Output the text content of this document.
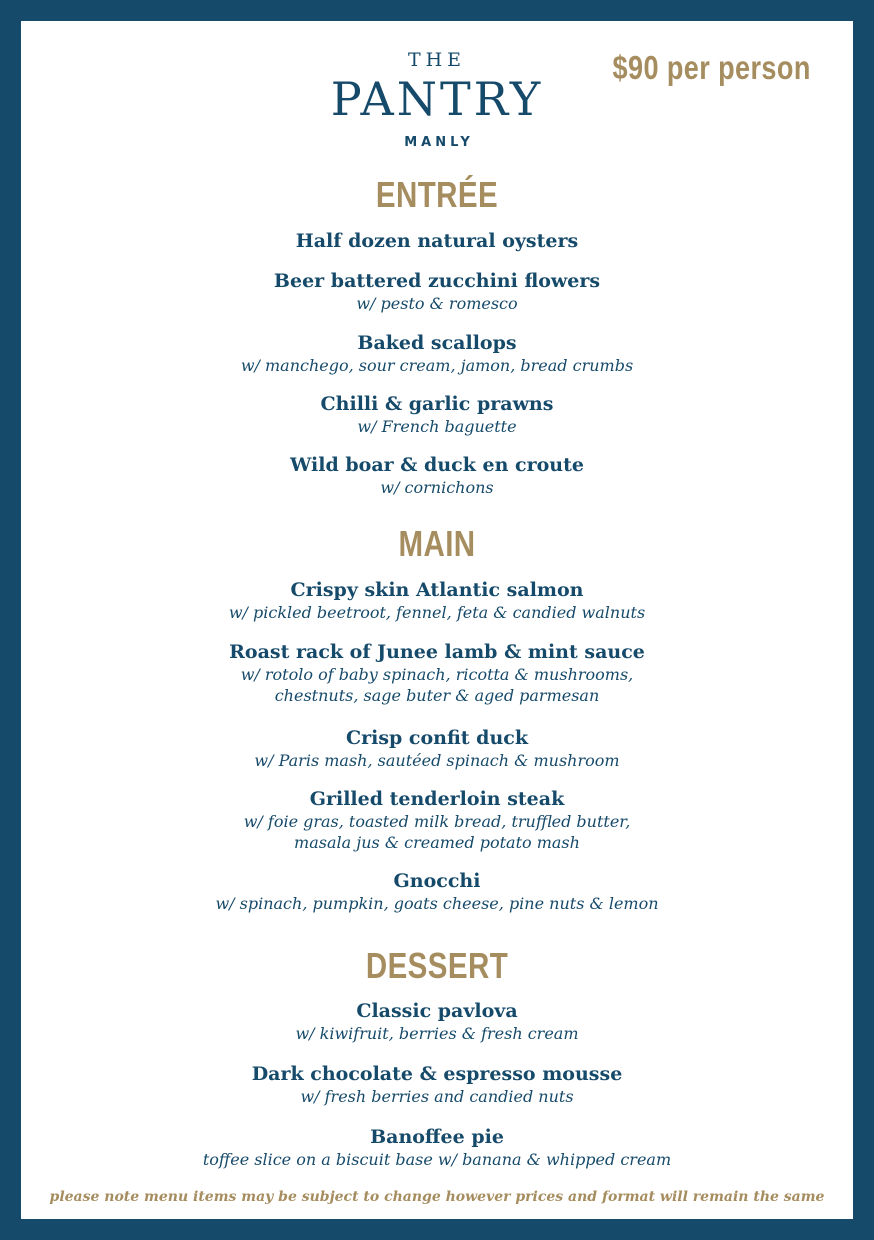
$90 per person
THE
PANTRY
MANLY
ENTRÉE
Half dozen natural oysters
Beer battered zucchini flowers
w/ pesto & romesco
Baked scallops
w/ manchego, sour cream, jamon, bread crumbs
Chilli & garlic prawns
w/ French baguette
Wild boar & duck en croute
w/ cornichons
MAIN
Crispy skin Atlantic salmon
w/ pickled beetroot, fennel, feta & candied walnuts
Roast rack of Junee lamb & mint sauce
w/ rotolo of baby spinach, ricotta & mushrooms,
chestnuts, sage buter & aged parmesan
Crisp confit duck
w/ Paris mash, sautéed spinach & mushroom
Grilled tenderloin steak
w/ foie gras, toasted milk bread, truffled butter,
masala jus & creamed potato mash
Gnocchi
w/ spinach, pumpkin, goats cheese, pine nuts & lemon
DESSERT
Classic pavlova
w/ kiwifruit, berries & fresh cream
Dark chocolate & espresso mousse
w/ fresh berries and candied nuts
Banoffee pie
toffee slice on a biscuit base w/ banana & whipped cream
please note menu items may be subject to change however prices and format will remain the same
